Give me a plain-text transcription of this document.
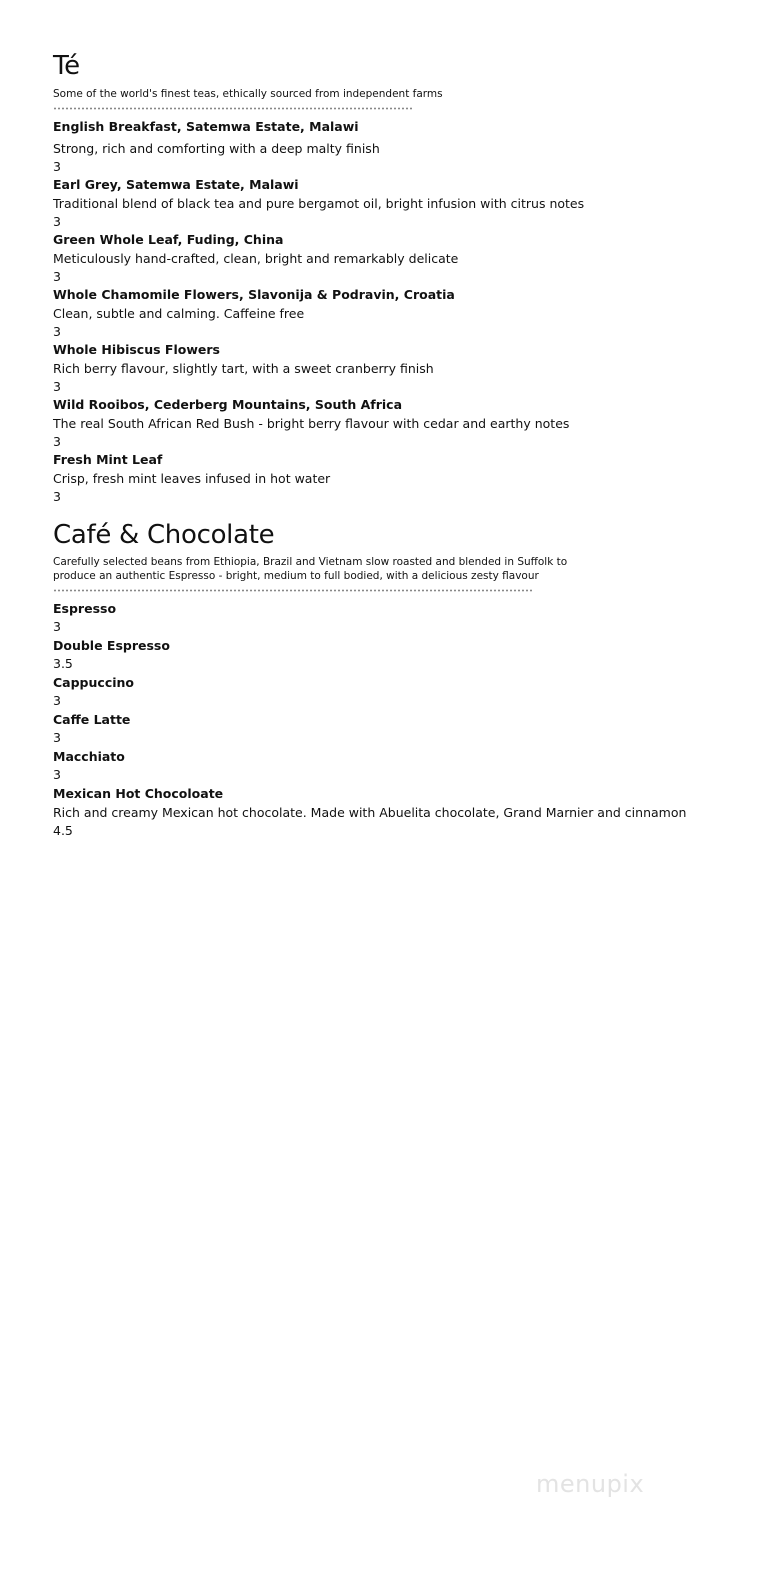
Té
Some of the world's finest teas, ethically sourced from independent farms
English Breakfast, Satemwa Estate, Malawi
Strong, rich and comforting with a deep malty finish
3
Earl Grey, Satemwa Estate, Malawi
Traditional blend of black tea and pure bergamot oil, bright infusion with citrus notes
3
Green Whole Leaf, Fuding, China
Meticulously hand-crafted, clean, bright and remarkably delicate
3
Whole Chamomile Flowers, Slavonija & Podravin, Croatia
Clean, subtle and calming. Caffeine free
3
Whole Hibiscus Flowers
Rich berry flavour, slightly tart, with a sweet cranberry finish
3
Wild Rooibos, Cederberg Mountains, South Africa
The real South African Red Bush - bright berry flavour with cedar and earthy notes
3
Fresh Mint Leaf
Crisp, fresh mint leaves infused in hot water
3
Café & Chocolate
Carefully selected beans from Ethiopia, Brazil and Vietnam slow roasted and blended in Suffolk to
produce an authentic Espresso - bright, medium to full bodied, with a delicious zesty flavour
Espresso
3
Double Espresso
3.5
Cappuccino
3
Caffe Latte
3
Macchiato
3
Mexican Hot Chocoloate
Rich and creamy Mexican hot chocolate. Made with Abuelita chocolate, Grand Marnier and cinnamon
4.5
menupix
